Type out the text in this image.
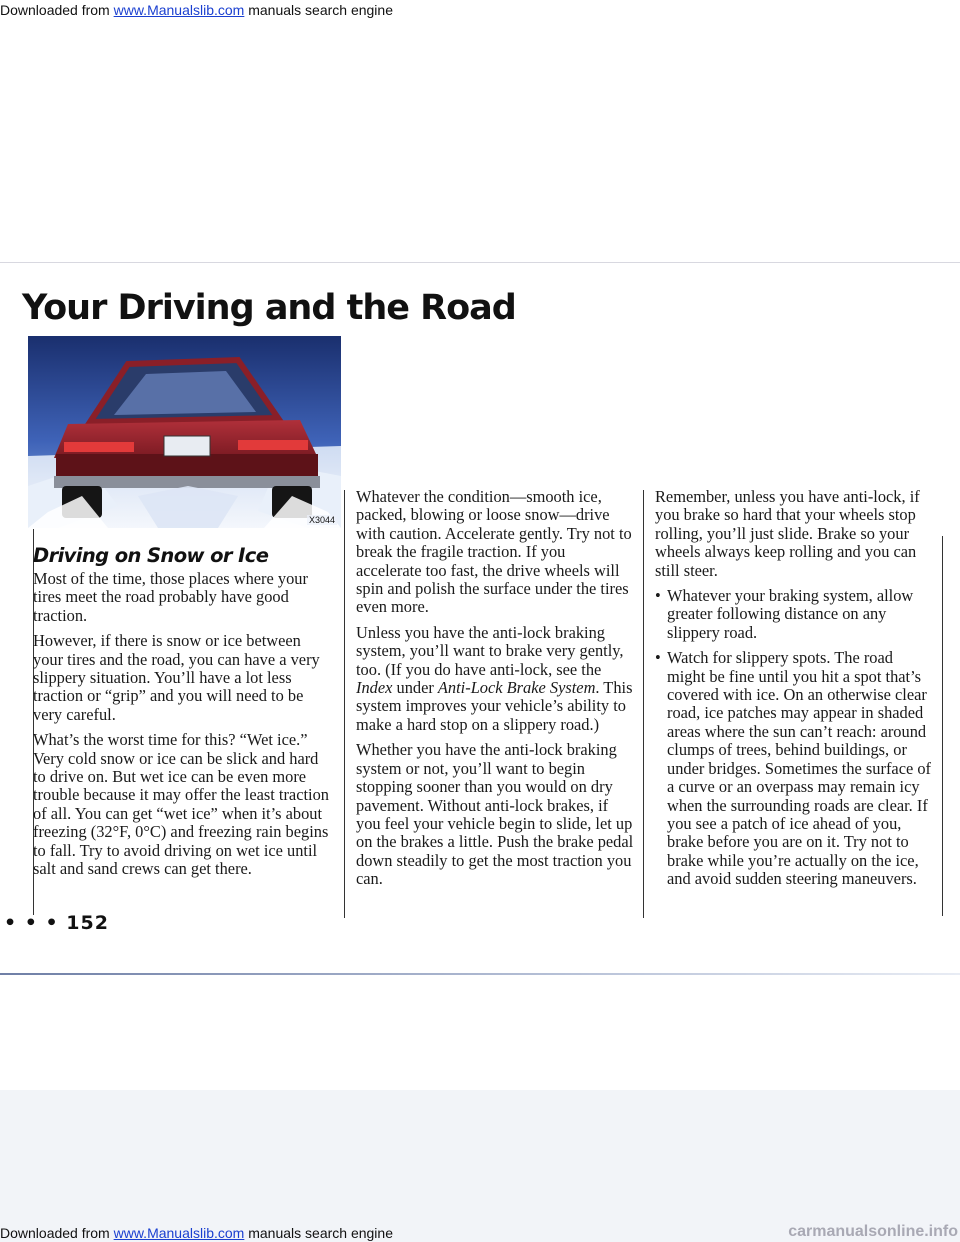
Downloaded from www.Manualslib.com manuals search engine
Your Driving and the Road
X3044
Driving on Snow or Ice

Most of the time, those places where your tires meet the road probably have good traction.

However, if there is snow or ice between your tires and the road, you can have a very slippery situation. You’ll have a lot less traction or “grip” and you will need to be very careful.

What’s the worst time for this? “Wet ice.” Very cold snow or ice can be slick and hard to drive on. But wet ice can be even more trouble because it may offer the least traction of all. You can get “wet ice” when it’s about freezing (32°F, 0°C) and freezing rain begins to fall. Try to avoid driving on wet ice until salt and sand crews can get there.

Whatever the condition—smooth ice, packed, blowing or loose snow—drive with caution. Accelerate gently. Try not to break the fragile traction. If you accelerate too fast, the drive wheels will spin and polish the surface under the tires even more.

Unless you have the anti-lock braking system, you’ll want to brake very gently, too. (If you do have anti-lock, see the Index under Anti-Lock Brake System. This system improves your vehicle’s ability to make a hard stop on a slippery road.)

Whether you have the anti-lock braking system or not, you’ll want to begin stopping sooner than you would on dry pavement. Without anti-lock brakes, if you feel your vehicle begin to slide, let up on the brakes a little. Push the brake pedal down steadily to get the most traction you can.

Remember, unless you have anti-lock, if you brake so hard that your wheels stop rolling, you’ll just slide. Brake so your wheels always keep rolling and you can still steer.

• Whatever your braking system, allow greater following distance on any slippery road.
• Watch for slippery spots. The road might be fine until you hit a spot that’s covered with ice. On an otherwise clear road, ice patches may appear in shaded areas where the sun can’t reach: around clumps of trees, behind buildings, or under bridges. Sometimes the surface of a curve or an overpass may remain icy when the surrounding roads are clear. If you see a patch of ice ahead of you, brake before you are on it. Try not to brake while you’re actually on the ice, and avoid sudden steering maneuvers.
• • • 152
Downloaded from www.Manualslib.com manuals search engine	carmanualsonline.info
